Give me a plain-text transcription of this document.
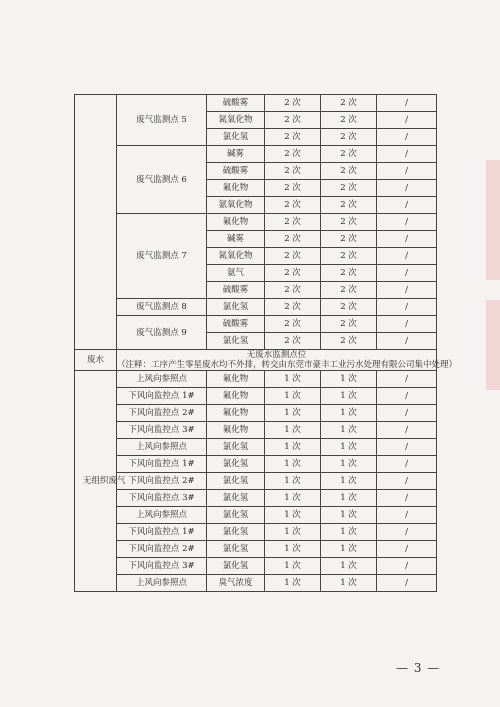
	废气监测点 5	硫酸雾	2 次	2 次	/
		氮氧化物	2 次	2 次	/
		氯化氢	2 次	2 次	/
	废气监测点 6	碱雾	2 次	2 次	/
		硫酸雾	2 次	2 次	/
		氟化物	2 次	2 次	/
		氨氧化物	2 次	2 次	/
	废气监测点 7	氟化物	2 次	2 次	/
		碱雾	2 次	2 次	/
		氮氧化物	2 次	2 次	/
		氨气	2 次	2 次	/
		硫酸雾	2 次	2 次	/
	废气监测点 8	氯化氢	2 次	2 次	/
	废气监测点 9	硫酸雾	2 次	2 次	/
		氯化氢	2 次	2 次	/
废水	无废水监测点位
（注释：工序产生零星废水均不外排，转交由东莞市豪丰工业污水处理有限公司集中处理）				
无组织废气	上风向参照点	氟化物	1 次	1 次	/
	下风向监控点 1#	氟化物	1 次	1 次	/
	下风向监控点 2#	氟化物	1 次	1 次	/
	下风向监控点 3#	氟化物	1 次	1 次	/
	上风向参照点	氯化氢	1 次	1 次	/
	下风向监控点 1#	氯化氢	1 次	1 次	/
	下风向监控点 2#	氯化氢	1 次	1 次	/
	下风向监控点 3#	氯化氢	1 次	1 次	/
	上风向参照点	氯化氢	1 次	1 次	/
	下风向监控点 1#	氯化氢	1 次	1 次	/
	下风向监控点 2#	氯化氢	1 次	1 次	/
	下风向监控点 3#	氯化氢	1 次	1 次	/
	上风向参照点	臭气浓度	1 次	1 次	/
— 3 —
